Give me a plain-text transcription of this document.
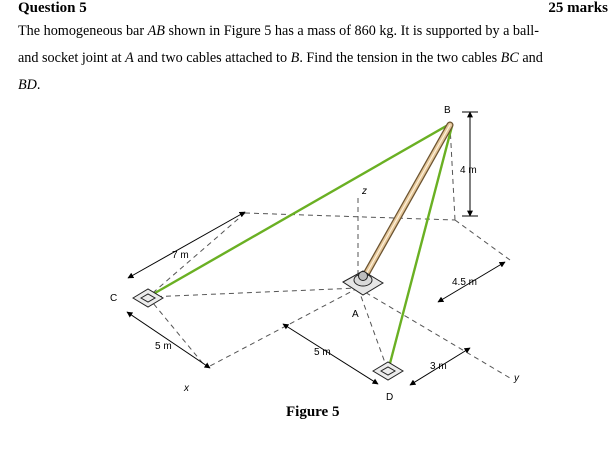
Question 5	25 marks
The homogeneous bar AB shown in Figure 5 has a mass of 860 kg. It is supported by a ball-
and socket joint at A and two cables attached to B. Find the tension in the two cables BC and
BD.
B
A
C
D
z
x
y
4 m
7 m
5 m
5 m
4.5 m
3 m
Figure 5
